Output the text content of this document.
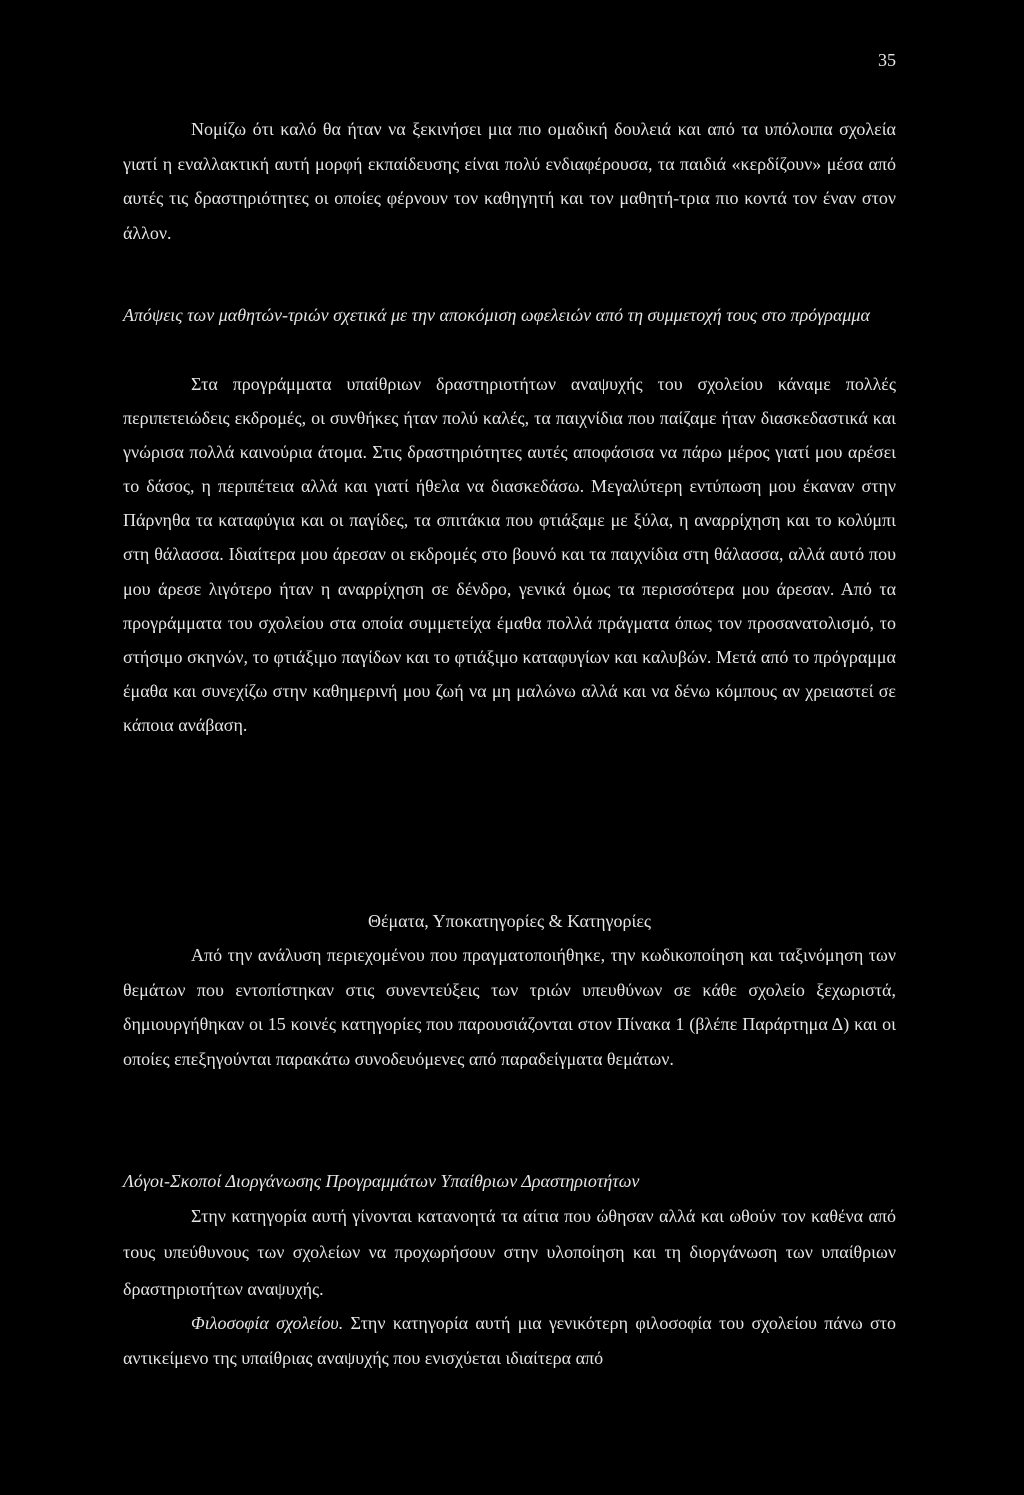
35

Νομίζω ότι καλό θα ήταν να ξεκινήσει μια πιο ομαδική δουλειά και από τα υπόλοιπα σχολεία γιατί η εναλλακτική αυτή μορφή εκπαίδευσης είναι πολύ ενδιαφέρουσα, τα παιδιά «κερδίζουν» μέσα από αυτές τις δραστηριότητες οι οποίες φέρνουν τον καθηγητή και τον μαθητή-τρια πιο κοντά τον έναν στον άλλον.

Απόψεις των μαθητών-τριών σχετικά με την αποκόμιση ωφελειών από τη συμμετοχή τους στο πρόγραμμα

Στα προγράμματα υπαίθριων δραστηριοτήτων αναψυχής του σχολείου κάναμε πολλές περιπετειώδεις εκδρομές, οι συνθήκες ήταν πολύ καλές, τα παιχνίδια που παίζαμε ήταν διασκεδαστικά και γνώρισα πολλά καινούρια άτομα. Στις δραστηριότητες αυτές αποφάσισα να πάρω μέρος γιατί μου αρέσει το δάσος, η περιπέτεια αλλά και γιατί ήθελα να διασκεδάσω. Μεγαλύτερη εντύπωση μου έκαναν στην Πάρνηθα τα καταφύγια και οι παγίδες, τα σπιτάκια που φτιάξαμε με ξύλα, η αναρρίχηση και το κολύμπι στη θάλασσα. Ιδιαίτερα μου άρεσαν οι εκδρομές στο βουνό και τα παιχνίδια στη θάλασσα, αλλά αυτό που μου άρεσε λιγότερο ήταν η αναρρίχηση σε δένδρο, γενικά όμως τα περισσότερα μου άρεσαν. Από τα προγράμματα του σχολείου στα οποία συμμετείχα έμαθα πολλά πράγματα όπως τον προσανατολισμό, το στήσιμο σκηνών, το φτιάξιμο παγίδων και το φτιάξιμο καταφυγίων και καλυβών. Μετά από το πρόγραμμα έμαθα και συνεχίζω στην καθημερινή μου ζωή να μη μαλώνω αλλά και να δένω κόμπους αν χρειαστεί σε κάποια ανάβαση.

Θέματα, Υποκατηγορίες & Κατηγορίες

Από την ανάλυση περιεχομένου που πραγματοποιήθηκε, την κωδικοποίηση και ταξινόμηση των θεμάτων που εντοπίστηκαν στις συνεντεύξεις των τριών υπευθύνων σε κάθε σχολείο ξεχωριστά, δημιουργήθηκαν οι 15 κοινές κατηγορίες που παρουσιάζονται στον Πίνακα 1 (βλέπε Παράρτημα Δ) και οι οποίες επεξηγούνται παρακάτω συνοδευόμενες από παραδείγματα θεμάτων.

Λόγοι-Σκοποί Διοργάνωσης Προγραμμάτων Υπαίθριων Δραστηριοτήτων

Στην κατηγορία αυτή γίνονται κατανοητά τα αίτια που ώθησαν αλλά και ωθούν τον καθένα από τους υπεύθυνους των σχολείων να προχωρήσουν στην υλοποίηση και τη διοργάνωση των υπαίθριων δραστηριοτήτων αναψυχής.

Φιλοσοφία σχολείου. Στην κατηγορία αυτή μια γενικότερη φιλοσοφία του σχολείου πάνω στο αντικείμενο της υπαίθριας αναψυχής που ενισχύεται ιδιαίτερα από
